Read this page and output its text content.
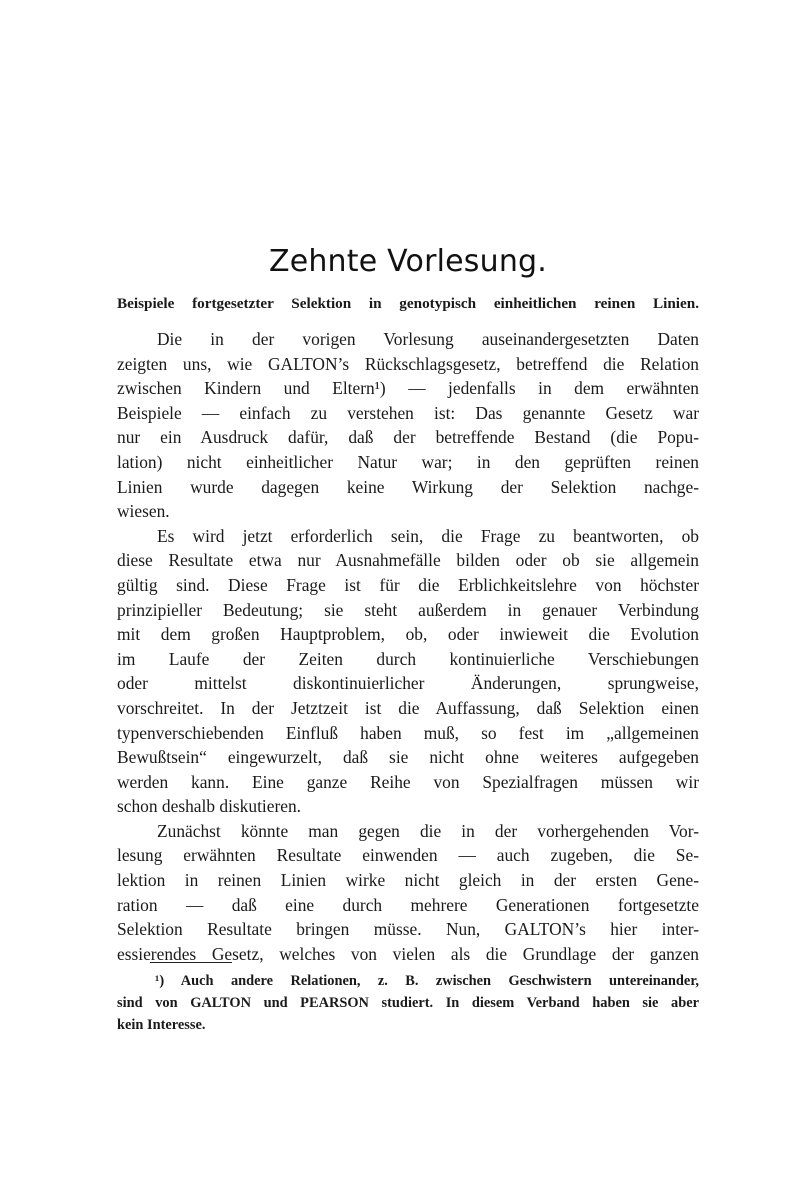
Zehnte Vorlesung.
Beispiele fortgesetzter Selektion in genotypisch einheitlichen reinen Linien.
Die in der vorigen Vorlesung auseinandergesetzten Daten
zeigten uns, wie GALTON’s Rückschlagsgesetz, betreffend die Relation
zwischen Kindern und Eltern¹) — jedenfalls in dem erwähnten
Beispiele — einfach zu verstehen ist: Das genannte Gesetz war
nur ein Ausdruck dafür, daß der betreffende Bestand (die Popu-
lation) nicht einheitlicher Natur war; in den geprüften reinen
Linien wurde dagegen keine Wirkung der Selektion nachge-
wiesen.
Es wird jetzt erforderlich sein, die Frage zu beantworten, ob
diese Resultate etwa nur Ausnahmefälle bilden oder ob sie allgemein
gültig sind. Diese Frage ist für die Erblichkeitslehre von höchster
prinzipieller Bedeutung; sie steht außerdem in genauer Verbindung
mit dem großen Hauptproblem, ob, oder inwieweit die Evolution
im Laufe der Zeiten durch kontinuierliche Verschiebungen
oder mittelst diskontinuierlicher Änderungen, sprungweise,
vorschreitet. In der Jetztzeit ist die Auffassung, daß Selektion einen
typenverschiebenden Einfluß haben muß, so fest im „allgemeinen
Bewußtsein“ eingewurzelt, daß sie nicht ohne weiteres aufgegeben
werden kann. Eine ganze Reihe von Spezialfragen müssen wir
schon deshalb diskutieren.
Zunächst könnte man gegen die in der vorhergehenden Vor-
lesung erwähnten Resultate einwenden — auch zugeben, die Se-
lektion in reinen Linien wirke nicht gleich in der ersten Gene-
ration — daß eine durch mehrere Generationen fortgesetzte
Selektion Resultate bringen müsse. Nun, GALTON’s hier inter-
essierendes Gesetz, welches von vielen als die Grundlage der ganzen
¹) Auch andere Relationen, z. B. zwischen Geschwistern untereinander,
sind von GALTON und PEARSON studiert. In diesem Verband haben sie aber
kein Interesse.
